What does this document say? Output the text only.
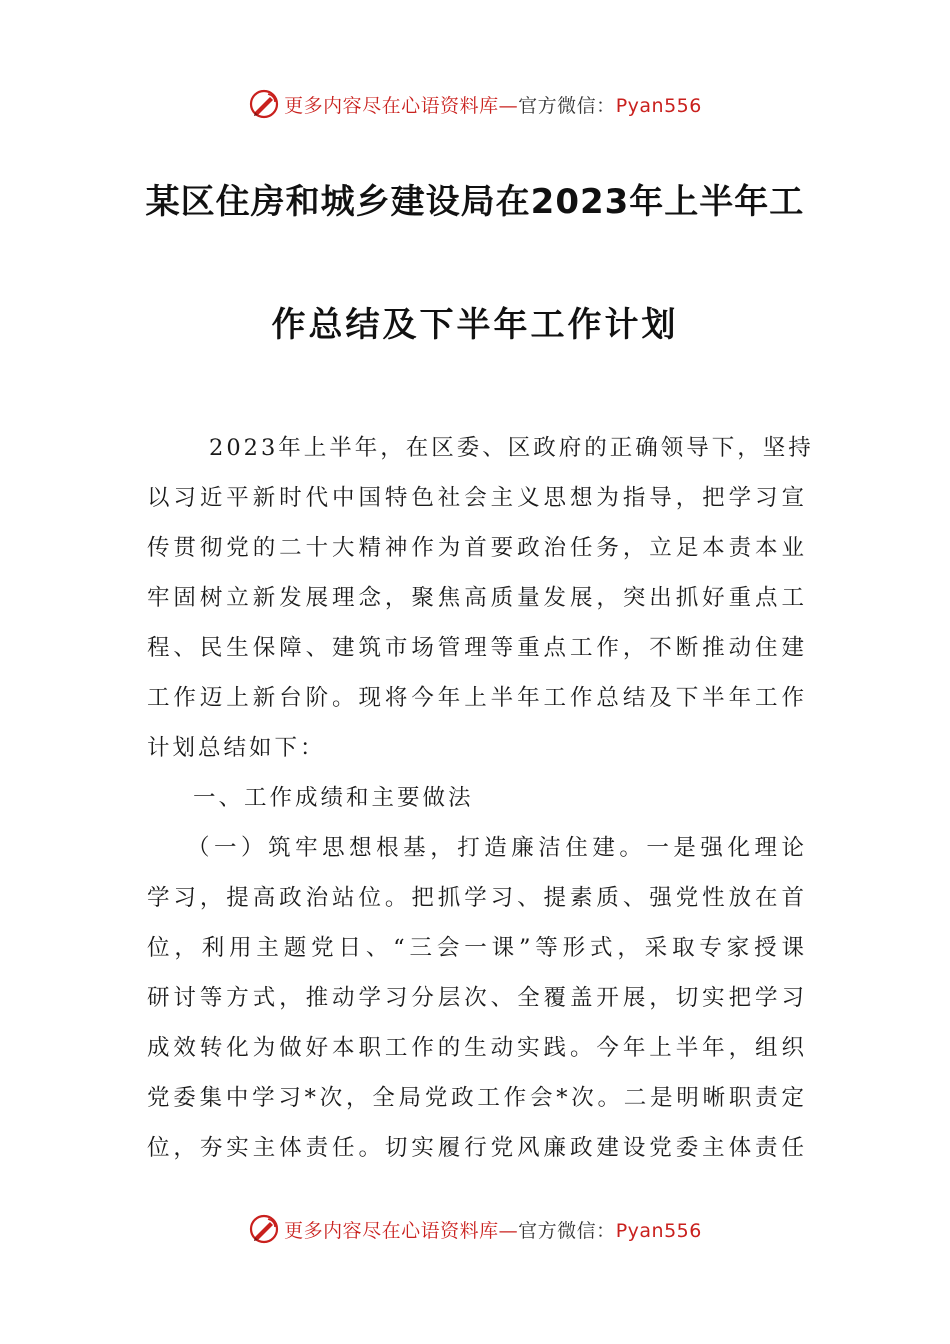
更多内容尽在心语资料库—官方微信：Pyan556
某区住房和城乡建设局在2023年上半年工
作总结及下半年工作计划
2023年上半年，在区委、区政府的正确领导下，坚持
以习近平新时代中国特色社会主义思想为指导，把学习宣
传贯彻党的二十大精神作为首要政治任务，立足本责本业
牢固树立新发展理念，聚焦高质量发展，突出抓好重点工
程、民生保障、建筑市场管理等重点工作，不断推动住建
工作迈上新台阶。现将今年上半年工作总结及下半年工作
计划总结如下：
一、工作成绩和主要做法
（一）筑牢思想根基，打造廉洁住建。一是强化理论
学习，提高政治站位。把抓学习、提素质、强党性放在首
位，利用主题党日、“三会一课”等形式，采取专家授课
研讨等方式，推动学习分层次、全覆盖开展，切实把学习
成效转化为做好本职工作的生动实践。今年上半年，组织
党委集中学习*次，全局党政工作会*次。二是明晰职责定
位，夯实主体责任。切实履行党风廉政建设党委主体责任
更多内容尽在心语资料库—官方微信：Pyan556
